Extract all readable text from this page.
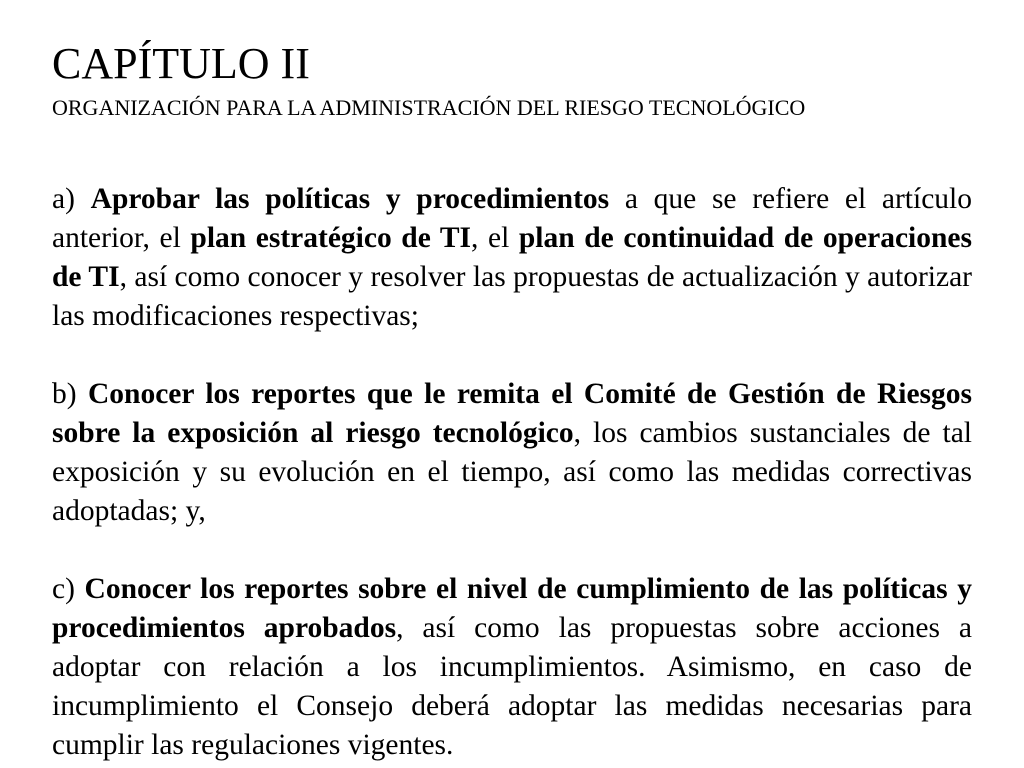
CAPÍTULO II
ORGANIZACIÓN PARA LA ADMINISTRACIÓN DEL RIESGO TECNOLÓGICO

a) Aprobar las políticas y procedimientos a que se refiere el artículo anterior, el plan estratégico de TI, el plan de continuidad de operaciones de TI, así como conocer y resolver las propuestas de actualización y autorizar las modificaciones respectivas;

b) Conocer los reportes que le remita el Comité de Gestión de Riesgos sobre la exposición al riesgo tecnológico, los cambios sustanciales de tal exposición y su evolución en el tiempo, así como las medidas correctivas adoptadas; y,

c) Conocer los reportes sobre el nivel de cumplimiento de las políticas y procedimientos aprobados, así como las propuestas sobre acciones a adoptar con relación a los incumplimientos. Asimismo, en caso de incumplimiento el Consejo deberá adoptar las medidas necesarias para cumplir las regulaciones vigentes.
